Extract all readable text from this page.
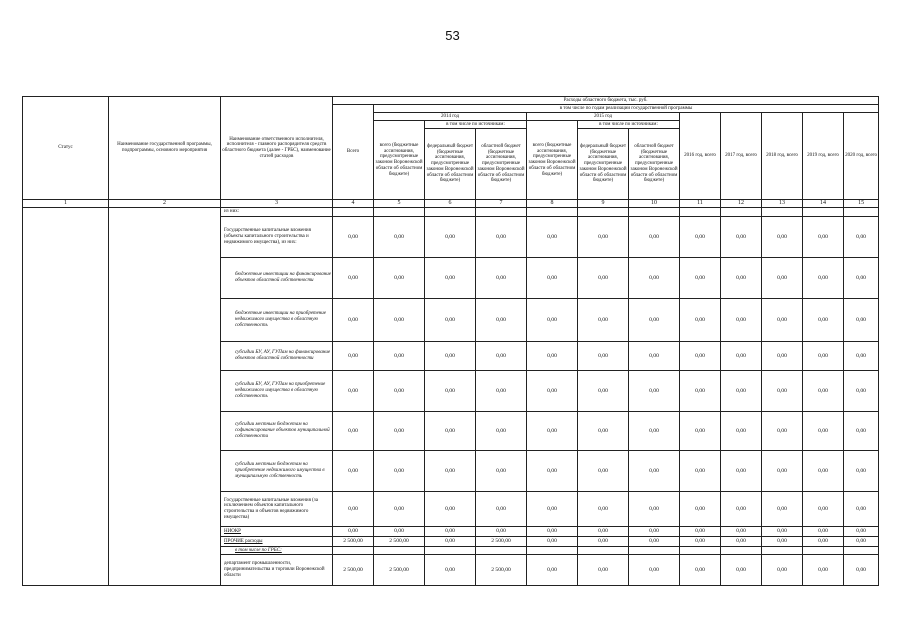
53
Статус	Наименование государственной программы, подпрограммы, основного мероприятия	Наименование ответственного исполнителя, исполнителя - главного распорядителя средств областного бюджета (далее - ГРБС), наименование статей расходов	Расходы областного бюджета, тыс. руб.											
			Всего	в том числе по годам реализации государственной программы										
				2014 год			2015 год			2016 год, всего	2017 год, всего	2018 год, всего	2019 год, всего	2020 год, всего
				всего (бюджетные ассигнования, предусмотренные законом Воронежской области об областном бюджете)	в том числе по источникам:		всего (бюджетные ассигнования, предусмотренные законом Воронежской области об областном бюджете)	в том числе по источникам:						
					федеральный бюджет (бюджетные ассигнования, предусмотренные законом Воронежской области об областном бюджете)	областной бюджет (бюджетные ассигнования, предусмотренные законом Воронежской области об областном бюджете)		федеральный бюджет (бюджетные ассигнования, предусмотренные законом Воронежской области об областном бюджете)	областной бюджет (бюджетные ассигнования, предусмотренные законом Воронежской области об областном бюджете)					
1	2	3	4	5	6	7	8	9	10	11	12	13	14	15
		из них:												
		Государственные капитальные вложения (объекты капитального строительства и недвижимого имущества), из них:	0,00	0,00	0,00	0,00	0,00	0,00	0,00	0,00	0,00	0,00	0,00	0,00
		бюджетные инвестиции на финансирование объектов областной собственности	0,00	0,00	0,00	0,00	0,00	0,00	0,00	0,00	0,00	0,00	0,00	0,00
		бюджетные инвестиции на приобретение недвижимого имущества в областную собственность	0,00	0,00	0,00	0,00	0,00	0,00	0,00	0,00	0,00	0,00	0,00	0,00
		субсидии БУ, АУ, ГУПам на финансирование объектов областной собственности	0,00	0,00	0,00	0,00	0,00	0,00	0,00	0,00	0,00	0,00	0,00	0,00
		субсидии БУ, АУ, ГУПам на приобретение недвижимого имущества в областную собственность	0,00	0,00	0,00	0,00	0,00	0,00	0,00	0,00	0,00	0,00	0,00	0,00
		субсидии местным бюджетам на софинансирование объектов муниципальной собственности	0,00	0,00	0,00	0,00	0,00	0,00	0,00	0,00	0,00	0,00	0,00	0,00
		субсидии местным бюджетам на приобретение недвижимого имущества в муниципальную собственность	0,00	0,00	0,00	0,00	0,00	0,00	0,00	0,00	0,00	0,00	0,00	0,00
		Государственные капитальные вложения (за исключением объектов капитального строительства и объектов недвижимого имущества)	0,00	0,00	0,00	0,00	0,00	0,00	0,00	0,00	0,00	0,00	0,00	0,00
		НИОКР	0,00	0,00	0,00	0,00	0,00	0,00	0,00	0,00	0,00	0,00	0,00	0,00
		ПРОЧИЕ расходы	2 500,00	2 500,00	0,00	2 500,00	0,00	0,00	0,00	0,00	0,00	0,00	0,00	0,00
		в том числе по ГРБС:												
		департамент промышленности, предпринимательства и торговли Воронежской области	2 500,00	2 500,00	0,00	2 500,00	0,00	0,00	0,00	0,00	0,00	0,00	0,00	0,00
